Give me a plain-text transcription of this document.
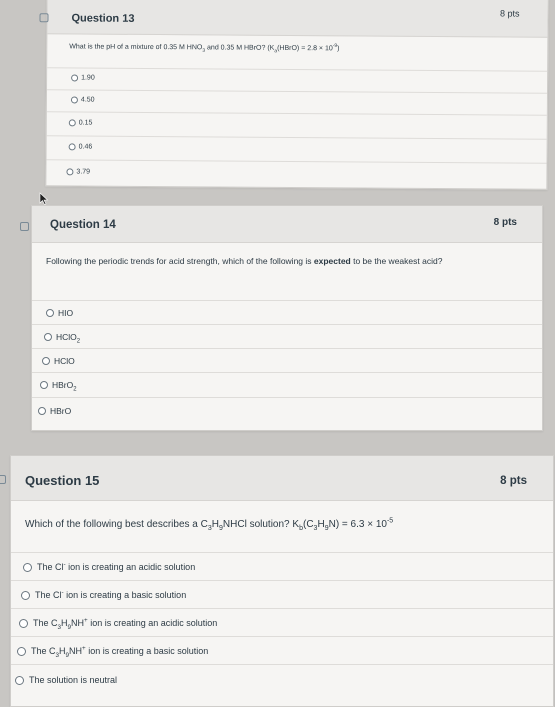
Question 13	8 pts
What is the pH of a mixture of 0.35 M $HNO_3$ and 0.35 M HBrO? $(K_a(HBrO) = 2.8 \times 10^{-9})$
1.90
4.50
0.15
0.46
3.79
Question 14	8 pts
Following the periodic trends for acid strength, which of the following is expected to be the weakest acid?
HIO
HClO$_2$
HClO
HBrO$_2$
HBrO
Question 15	8 pts
Which of the following best describes a $C_3H_9NHCl$ solution? $K_b(C_3H_9N) = 6.3 \times 10^{-5}$
The Cl- ion is creating an acidic solution
The Cl- ion is creating a basic solution
The $C_3H_9NH^+$ ion is creating an acidic solution
The $C_3H_9NH^+$ ion is creating a basic solution
The solution is neutral
